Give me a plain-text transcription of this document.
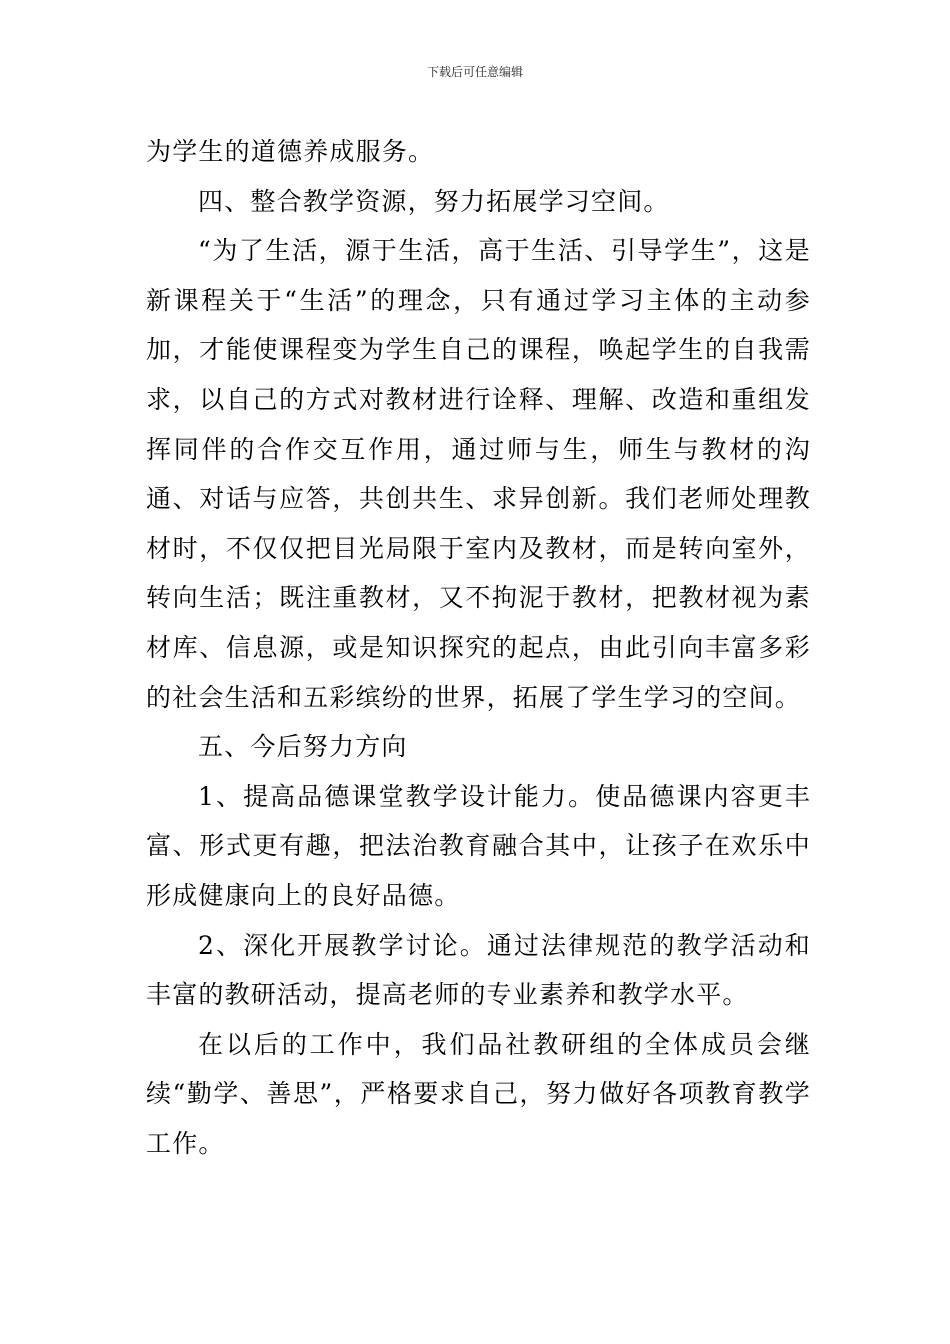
下载后可任意编辑

为学生的道德养成服务。

四、整合教学资源，努力拓展学习空间。

“为了生活，源于生活，高于生活、引导学生”，这是新课程关于“生活”的理念，只有通过学习主体的主动参加，才能使课程变为学生自己的课程，唤起学生的自我需求，以自己的方式对教材进行诠释、理解、改造和重组发挥同伴的合作交互作用，通过师与生，师生与教材的沟通、对话与应答，共创共生、求异创新。我们老师处理教材时，不仅仅把目光局限于室内及教材，而是转向室外，转向生活；既注重教材，又不拘泥于教材，把教材视为素材库、信息源，或是知识探究的起点，由此引向丰富多彩的社会生活和五彩缤纷的世界，拓展了学生学习的空间。

五、今后努力方向

1、提高品德课堂教学设计能力。使品德课内容更丰富、形式更有趣，把法治教育融合其中，让孩子在欢乐中形成健康向上的良好品德。

2、深化开展教学讨论。通过法律规范的教学活动和丰富的教研活动，提高老师的专业素养和教学水平。

在以后的工作中，我们品社教研组的全体成员会继续“勤学、善思”，严格要求自己，努力做好各项教育教学工作。
